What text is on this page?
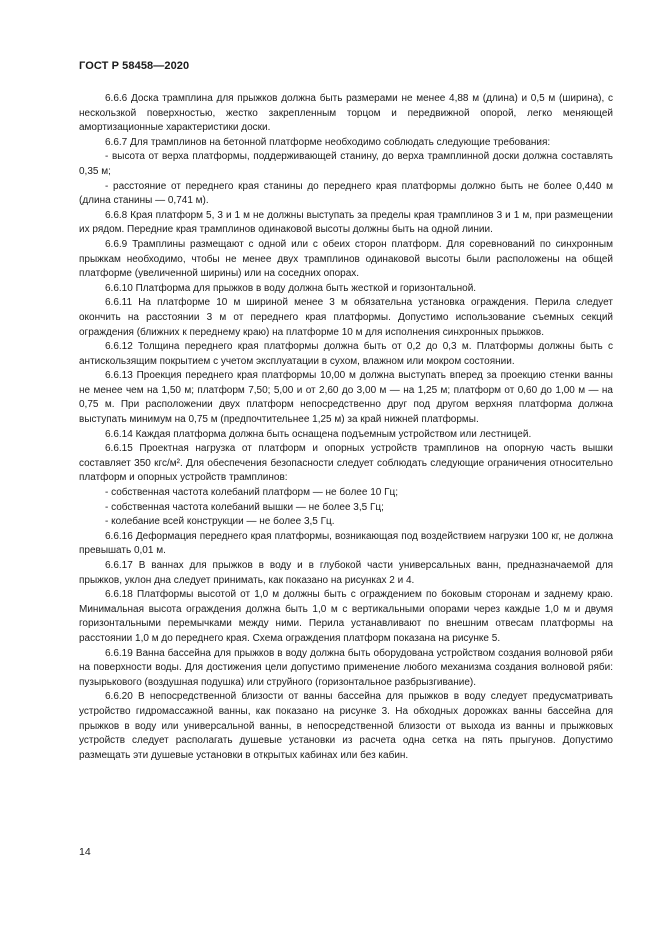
ГОСТ Р 58458—2020

6.6.6 Доска трамплина для прыжков должна быть размерами не менее 4,88 м (длина) и 0,5 м (ширина), с нескользкой поверхностью, жестко закрепленным торцом и передвижной опорой, легко меняющей амортизационные характеристики доски.

6.6.7 Для трамплинов на бетонной платформе необходимо соблюдать следующие требования:

- высота от верха платформы, поддерживающей станину, до верха трамплинной доски должна составлять 0,35 м;

- расстояние от переднего края станины до переднего края платформы должно быть не более 0,440 м (длина станины — 0,741 м).

6.6.8 Края платформ 5, 3 и 1 м не должны выступать за пределы края трамплинов 3 и 1 м, при размещении их рядом. Передние края трамплинов одинаковой высоты должны быть на одной линии.

6.6.9 Трамплины размещают с одной или с обеих сторон платформ. Для соревнований по синхронным прыжкам необходимо, чтобы не менее двух трамплинов одинаковой высоты были расположены на общей платформе (увеличенной ширины) или на соседних опорах.

6.6.10 Платформа для прыжков в воду должна быть жесткой и горизонтальной.

6.6.11 На платформе 10 м шириной менее 3 м обязательна установка ограждения. Перила следует окончить на расстоянии 3 м от переднего края платформы. Допустимо использование съемных секций ограждения (ближних к переднему краю) на платформе 10 м для исполнения синхронных прыжков.

6.6.12 Толщина переднего края платформы должна быть от 0,2 до 0,3 м. Платформы должны быть с антискользящим покрытием с учетом эксплуатации в сухом, влажном или мокром состоянии.

6.6.13 Проекция переднего края платформы 10,00 м должна выступать вперед за проекцию стенки ванны не менее чем на 1,50 м; платформ 7,50; 5,00 и от 2,60 до 3,00 м — на 1,25 м; платформ от 0,60 до 1,00 м — на 0,75 м. При расположении двух платформ непосредственно друг под другом верхняя платформа должна выступать минимум на 0,75 м (предпочтительнее 1,25 м) за край нижней платформы.

6.6.14 Каждая платформа должна быть оснащена подъемным устройством или лестницей.

6.6.15 Проектная нагрузка от платформ и опорных устройств трамплинов на опорную часть вышки составляет 350 кгс/м². Для обеспечения безопасности следует соблюдать следующие ограничения относительно платформ и опорных устройств трамплинов:

- собственная частота колебаний платформ — не более 10 Гц;

- собственная частота колебаний вышки — не более 3,5 Гц;

- колебание всей конструкции — не более 3,5 Гц.

6.6.16 Деформация переднего края платформы, возникающая под воздействием нагрузки 100 кг, не должна превышать 0,01 м.

6.6.17 В ваннах для прыжков в воду и в глубокой части универсальных ванн, предназначаемой для прыжков, уклон дна следует принимать, как показано на рисунках 2 и 4.

6.6.18 Платформы высотой от 1,0 м должны быть с ограждением по боковым сторонам и заднему краю. Минимальная высота ограждения должна быть 1,0 м с вертикальными опорами через каждые 1,0 м и двумя горизонтальными перемычками между ними. Перила устанавливают по внешним отвесам платформы на расстоянии 1,0 м до переднего края. Схема ограждения платформ показана на рисунке 5.

6.6.19 Ванна бассейна для прыжков в воду должна быть оборудована устройством создания волновой ряби на поверхности воды. Для достижения цели допустимо применение любого механизма создания волновой ряби: пузырькового (воздушная подушка) или струйного (горизонтальное разбрызгивание).

6.6.20 В непосредственной близости от ванны бассейна для прыжков в воду следует предусматривать устройство гидромассажной ванны, как показано на рисунке 3. На обходных дорожках ванны бассейна для прыжков в воду или универсальной ванны, в непосредственной близости от выхода из ванны и прыжковых устройств следует располагать душевые установки из расчета одна сетка на пять прыгунов. Допустимо размещать эти душевые установки в открытых кабинах или без кабин.

14
